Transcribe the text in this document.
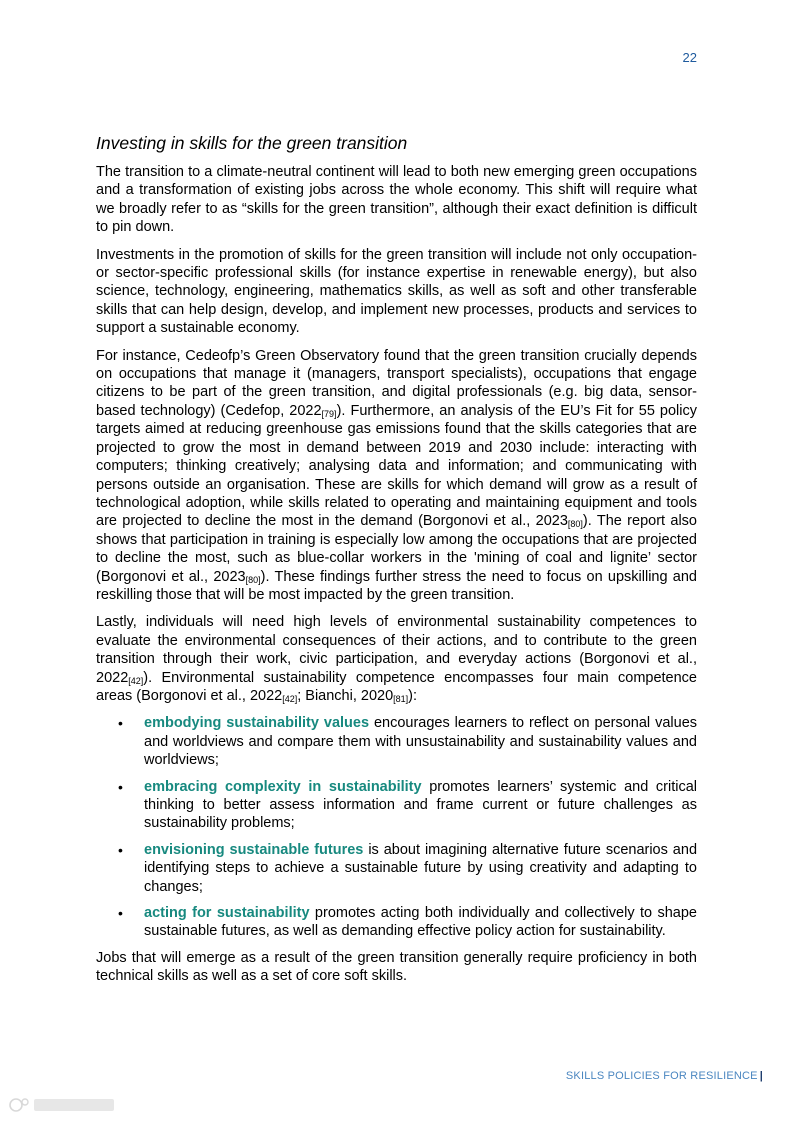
22
Investing in skills for the green transition

The transition to a climate-neutral continent will lead to both new emerging green occupations and a transformation of existing jobs across the whole economy. This shift will require what we broadly refer to as “skills for the green transition”, although their exact definition is difficult to pin down.

Investments in the promotion of skills for the green transition will include not only occupation- or sector-specific professional skills (for instance expertise in renewable energy), but also science, technology, engineering, mathematics skills, as well as soft and other transferable skills that can help design, develop, and implement new processes, products and services to support a sustainable economy.

For instance, Cedeofp’s Green Observatory found that the green transition crucially depends on occupations that manage it (managers, transport specialists), occupations that engage citizens to be part of the green transition, and digital professionals (e.g. big data, sensor-based technology) (Cedefop, $2022_{[79]}$). Furthermore, an analysis of the EU’s Fit for 55 policy targets aimed at reducing greenhouse gas emissions found that the skills categories that are projected to grow the most in demand between 2019 and 2030 include: interacting with computers; thinking creatively; analysing data and information; and communicating with persons outside an organisation. These are skills for which demand will grow as a result of technological adoption, while skills related to operating and maintaining equipment and tools are projected to decline the most in the demand (Borgonovi et al., $2023_{[80]}$). The report also shows that participation in training is especially low among the occupations that are projected to decline the most, such as blue-collar workers in the 'mining of coal and lignite’ sector (Borgonovi et al., $2023_{[80]}$). These findings further stress the need to focus on upskilling and reskilling those that will be most impacted by the green transition.

Lastly, individuals will need high levels of environmental sustainability competences to evaluate the environmental consequences of their actions, and to contribute to the green transition through their work, civic participation, and everyday actions (Borgonovi et al., $2022_{[42]}$). Environmental sustainability competence encompasses four main competence areas (Borgonovi et al., $2022_{[42]}$; Bianchi, $2020_{[81]}$):

• embodying sustainability values encourages learners to reflect on personal values and worldviews and compare them with unsustainability and sustainability values and worldviews;
• embracing complexity in sustainability promotes learners’ systemic and critical thinking to better assess information and frame current or future challenges as sustainability problems;
• envisioning sustainable futures is about imagining alternative future scenarios and identifying steps to achieve a sustainable future by using creativity and adapting to changes;
• acting for sustainability promotes acting both individually and collectively to shape sustainable futures, as well as demanding effective policy action for sustainability.

Jobs that will emerge as a result of the green transition generally require proficiency in both technical skills as well as a set of core soft skills.

SKILLS POLICIES FOR RESILIENCE |
